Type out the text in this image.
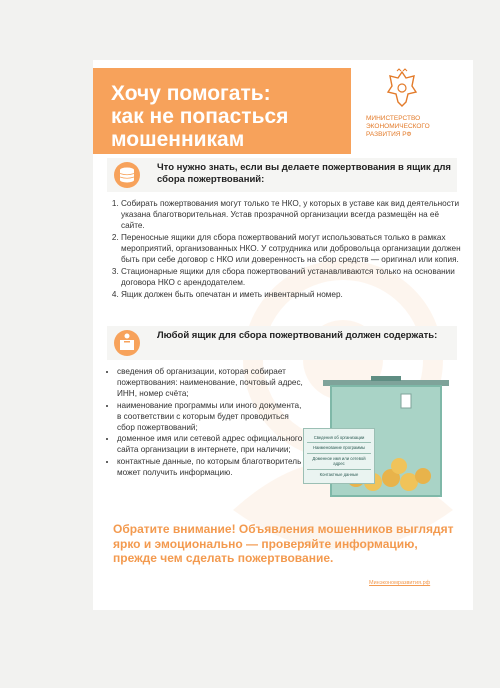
Хочу помогать:
как не попасться
мошенникам
МИНИСТЕРСТВО ЭКОНОМИЧЕСКОГО РАЗВИТИЯ РФ
Что нужно знать, если вы делаете пожертвования в ящик для сбора пожертвований:
1. Собирать пожертвования могут только те НКО, у которых в уставе как вид деятельности указана благотворительная. Устав прозрачной организации всегда размещён на её сайте.
2. Переносные ящики для сбора пожертвований могут использоваться только в рамках мероприятий, организованных НКО. У сотрудника или добровольца организации должен быть при себе договор с НКО или доверенность на сбор средств — оригинал или копия.
3. Стационарные ящики для сбора пожертвований устанавливаются только на основании договора НКО с арендодателем.
4. Ящик должен быть опечатан и иметь инвентарный номер.
Любой ящик для сбора пожертвований должен содержать:
• сведения об организации, которая собирает пожертвования: наименование, почтовый адрес, ИНН, номер счёта;
• наименование программы или иного документа, в соответствии с которым будет проводиться сбор пожертвований;
• доменное имя или сетевой адрес официального сайта организации в интернете, при наличии;
• контактные данные, по которым благотворитель может получить информацию.
Сведения об организации
Наименование программы
Доменное имя или сетевой адрес
Контактные данные

Обратите внимание! Объявления мошенников выглядят ярко и эмоционально — проверяйте информацию, прежде чем сделать пожертвование.

Минэкономразвития.рф
